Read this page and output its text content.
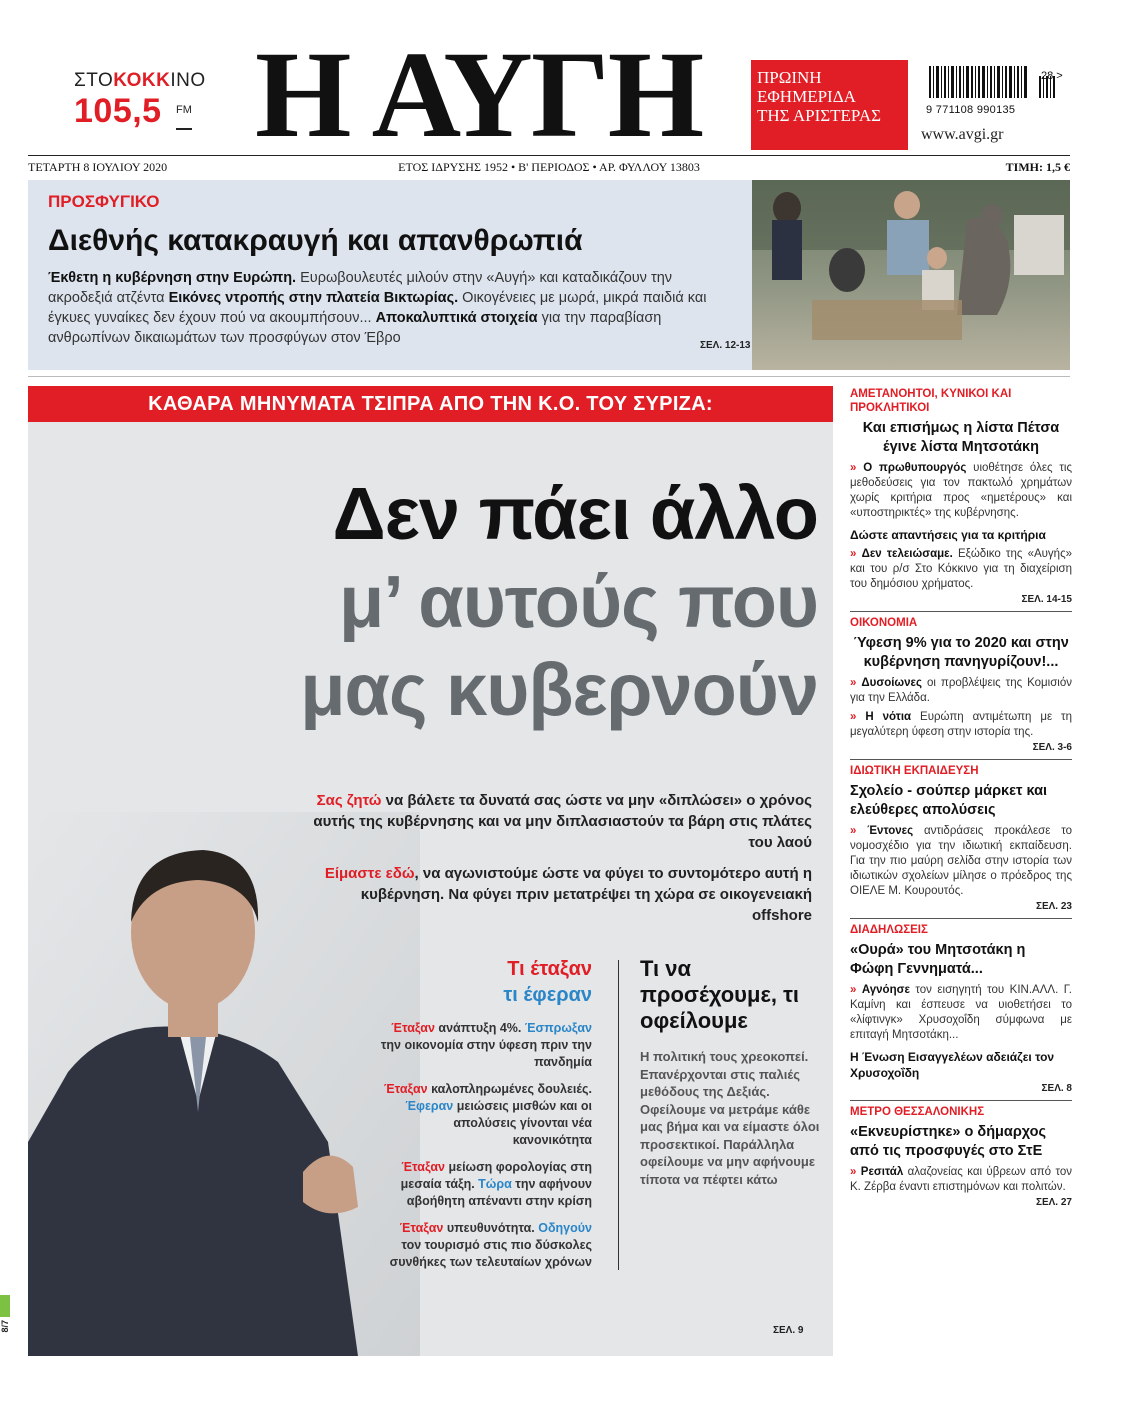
ΣΤΟΚΟΚΚΙΝΟ
105,5	FM Η ΑΥΓΗ	ΠΡΩΙΝΗ
ΕΦΗΜΕΡΙΔΑ
ΤΗΣ ΑΡΙΣΤΕΡΑΣ
28 >
9 771108 990135
www.avgi.gr
ΤΕΤΑΡΤΗ 8 ΙΟΥΛΙΟΥ 2020	ΕΤΟΣ ΙΔΡΥΣΗΣ 1952 • Β' ΠΕΡΙΟΔΟΣ • ΑΡ. ΦΥΛΛΟΥ 13803	ΤΙΜΗ: 1,5 €
ΠΡΟΣΦΥΓΙΚΟ
Διεθνής κατακραυγή και απανθρωπιά
Έκθετη η κυβέρνηση στην Ευρώπη. Ευρωβουλευτές μιλούν στην «Αυγή» και καταδικάζουν την ακροδεξιά ατζέντα Εικόνες ντροπής στην πλατεία Βικτωρίας. Οικογένειες με μωρά, μικρά παιδιά και έγκυες γυναίκες δεν έχουν πού να ακουμπήσουν... Αποκαλυπτικά στοιχεία για την παραβίαση ανθρωπίνων δικαιωμάτων των προσφύγων στον Έβρο	ΣΕΛ. 12-13
ΚΑΘΑΡΑ ΜΗΝΥΜΑΤΑ ΤΣΙΠΡΑ ΑΠΟ ΤΗΝ Κ.Ο. ΤΟΥ ΣΥΡΙΖΑ:
Δεν πάει άλλο
μ’ αυτούς που
μας κυβερνούν

Σας ζητώ να βάλετε τα δυνατά σας ώστε να μην «διπλώσει» ο χρόνος αυτής της κυβέρνησης και να μην διπλασιαστούν τα βάρη στις πλάτες του λαού

Είμαστε εδώ, να αγωνιστούμε ώστε να φύγει το συντομότερο αυτή η κυβέρνηση. Να φύγει πριν μετατρέψει τη χώρα σε οικογενειακή offshore

Τι έταξαν
τι έφεραν

Έταξαν ανάπτυξη 4%. Έσπρωξαν την οικονομία στην ύφεση πριν την πανδημία

Έταξαν καλοπληρωμένες δουλειές. Έφεραν μειώσεις μισθών και οι απολύσεις γίνονται νέα κανονικότητα

Έταξαν μείωση φορολογίας στη μεσαία τάξη. Τώρα την αφήνουν αβοήθητη απέναντι στην κρίση

Έταξαν υπευθυνότητα. Οδηγούν τον τουρισμό στις πιο δύσκολες συνθήκες των τελευταίων χρόνων

Τι να προσέχουμε, τι οφείλουμε
Η πολιτική τους χρεοκοπεί. Επανέρχονται στις παλιές μεθόδους της Δεξιάς. Οφείλουμε να μετράμε κάθε μας βήμα και να είμαστε όλοι προσεκτικοί. Παράλληλα οφείλουμε να μην αφήνουμε τίποτα να πέφτει κάτω
ΣΕΛ. 9
ΑΜΕΤΑΝΟΗΤΟΙ, ΚΥΝΙΚΟΙ ΚΑΙ ΠΡΟΚΛΗΤΙΚΟΙ
Και επισήμως η λίστα Πέτσα έγινε λίστα Μητσοτάκη
» Ο πρωθυπουργός υιοθέτησε όλες τις μεθοδεύσεις για τον πακτωλό χρημάτων χωρίς κριτήρια προς «ημετέρους» και «υποστηρικτές» της κυβέρνησης.
Δώστε απαντήσεις για τα κριτήρια
» Δεν τελειώσαμε. Εξώδικο της «Αυγής» και του ρ/σ Στο Κόκκινο για τη διαχείριση του δημόσιου χρήματος.
ΣΕΛ. 14-15
ΟΙΚΟΝΟΜΙΑ
Ύφεση 9% για το 2020 και στην κυβέρνηση πανηγυρίζουν!...
» Δυσοίωνες οι προβλέψεις της Κομισιόν για την Ελλάδα.
» Η νότια Ευρώπη αντιμέτωπη με τη μεγαλύτερη ύφεση στην ιστορία της.
ΣΕΛ. 3-6
ΙΔΙΩΤΙΚΗ ΕΚΠΑΙΔΕΥΣΗ
Σχολείο - σούπερ μάρκετ και ελεύθερες απολύσεις
» Έντονες αντιδράσεις προκάλεσε το νομοσχέδιο για την ιδιωτική εκπαίδευση. Για την πιο μαύρη σελίδα στην ιστορία των ιδιωτικών σχολείων μίλησε ο πρόεδρος της ΟΙΕΛΕ Μ. Κουρουτός.
ΣΕΛ. 23
ΔΙΑΔΗΛΩΣΕΙΣ
«Ουρά» του Μητσοτάκη η Φώφη Γεννηματά...
» Αγνόησε τον εισηγητή του ΚΙΝ.ΑΛΛ. Γ. Καμίνη και έσπευσε να υιοθετήσει το «λίφτινγκ» Χρυσοχοΐδη σύμφωνα με επιταγή Μητσοτάκη...
Η Ένωση Εισαγγελέων αδειάζει τον Χρυσοχοΐδη
ΣΕΛ. 8
ΜΕΤΡΟ ΘΕΣΣΑΛΟΝΙΚΗΣ
«Εκνευρίστηκε» ο δήμαρχος από τις προσφυγές στο ΣτΕ
» Ρεσιτάλ αλαζονείας και ύβρεων από τον Κ. Ζέρβα έναντι επιστημόνων και πολιτών.
ΣΕΛ. 27
8/7
